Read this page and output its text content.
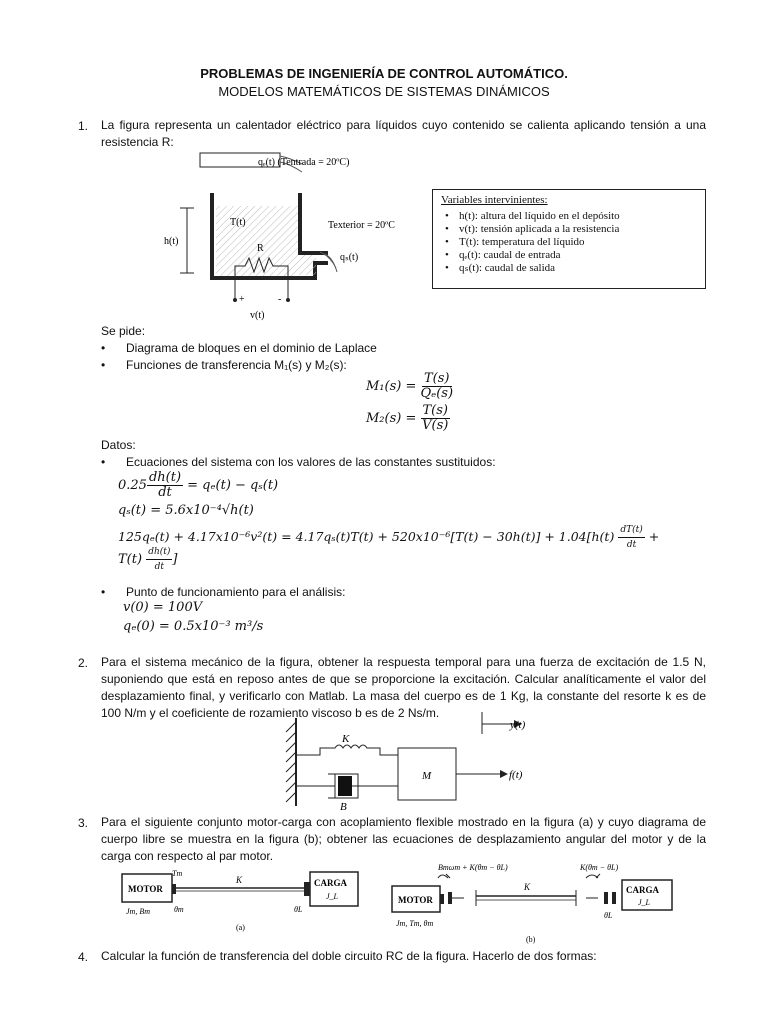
PROBLEMAS DE INGENIERÍA DE CONTROL AUTOMÁTICO.
MODELOS MATEMÁTICOS DE SISTEMAS DINÁMICOS
1. La figura representa un calentador eléctrico para líquidos cuyo contenido se calienta aplicando tensión a una resistencia R:
qₑ(t) (Tentrada = 20ºC)
T(t)
h(t)
R
+	-
v(t)
Texterior = 20ºC
qₛ(t)
Variables intervinientes:
• h(t): altura del líquido en el depósito
• v(t): tensión aplicada a la resistencia
• T(t): temperatura del líquido
• qₑ(t): caudal de entrada
• qₛ(t): caudal de salida
Se pide:
• Diagrama de bloques en el dominio de Laplace
• Funciones de transferencia M₁(s) y M₂(s):
$M_1(s) = \frac{T(s)}{\text{Qₑ(s)}}$
$M_2(s) = \frac{T(s)}{V(s)}$
Datos:
• Ecuaciones del sistema con los valores de las constantes sustituidos:
$0.25 \frac{dh(t)}{dt} = q_e(t) - q_s(t)$
qₛ(t) = 5.6x10⁻⁴√h(t)
$125q_e(t) + 4.17x10^{-6}v^2(t) = 4.17q_s(t)T(t) + 520x10^{-6}[T(t) - 30h(t)] + 1.04[h(t) \frac{dT(t)}{dt}$ +
$T(t) \frac{dh(t)}{dt}$ ]
• Punto de funcionamiento para el análisis:
v(0) = 100V
qₑ(0) = 0.5x10⁻³ m³/s
2. Para el sistema mecánico de la figura, obtener la respuesta temporal para una fuerza de excitación de 1.5 N, suponiendo que está en reposo antes de que se proporcione la excitación. Calcular analíticamente el valor del desplazamiento final, y verificarlo con Matlab. La masa del cuerpo es de 1 Kg, la constante del resorte k es de 100 N/m y el coeficiente de rozamiento viscoso b es de 2 Ns/m.
K
B
M
y(t)
f(t)
3. Para el siguiente conjunto motor-carga con acoplamiento flexible mostrado en la figura (a) y cuyo diagrama de cuerpo libre se muestra en la figura (b); obtener las ecuaciones de desplazamiento angular del motor y de la carga con respecto al par motor.
MOTOR
Tm
K	CARGA
J_L
Jm, Bm	θm	θL
(a)
Bmωm + K(θm − θL)	K(θm − θL)
MOTOR
K	CARGA
J_L
Jm, Tm, θm
θL
(b)
4. Calcular la función de transferencia del doble circuito RC de la figura. Hacerlo de dos formas:
